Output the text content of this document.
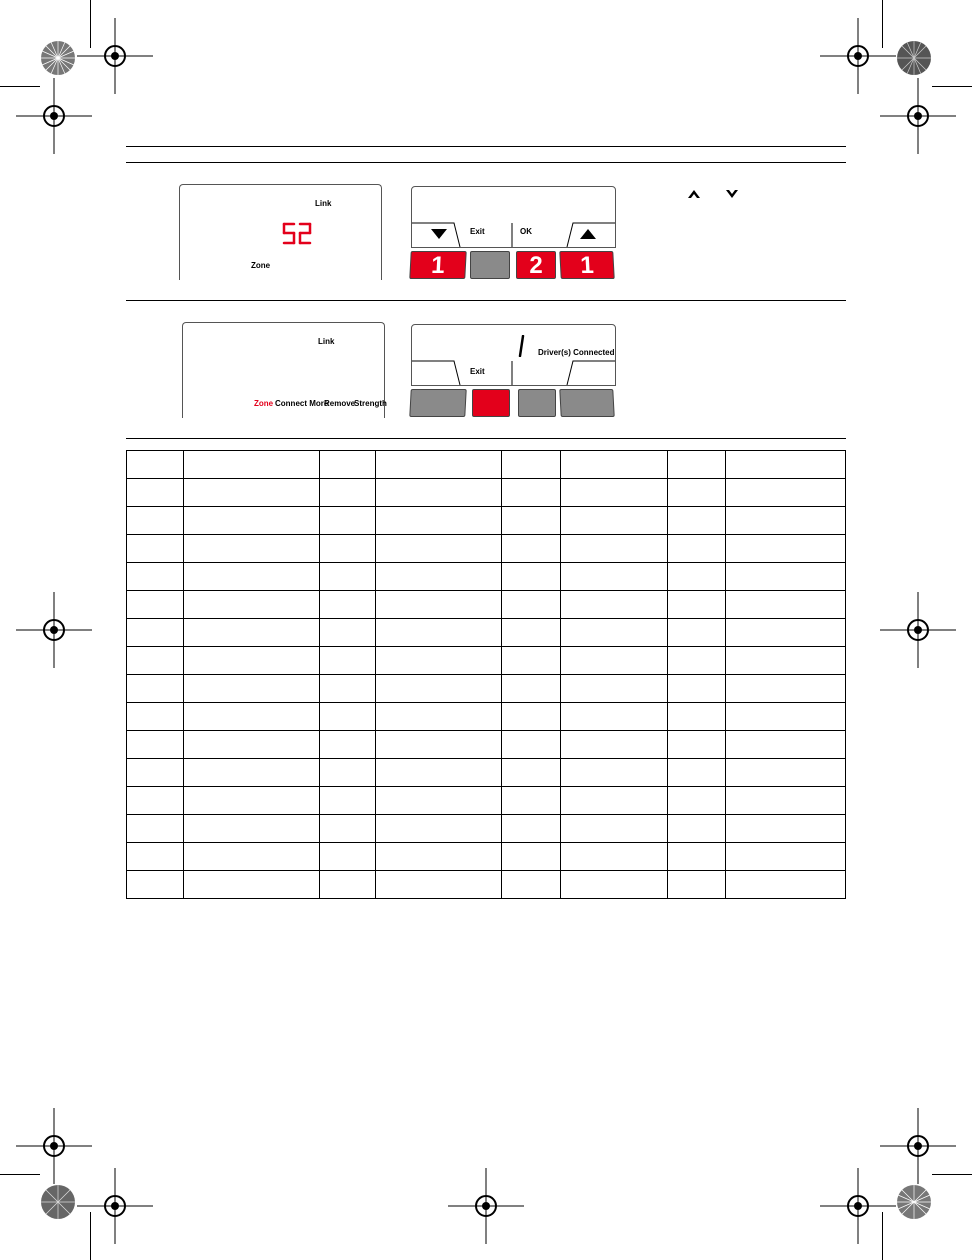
Link
Zone
Exit	OK
1	2	1
Link
Zone Connect More
Remove
Strength
Driver(s) Connected
Exit
